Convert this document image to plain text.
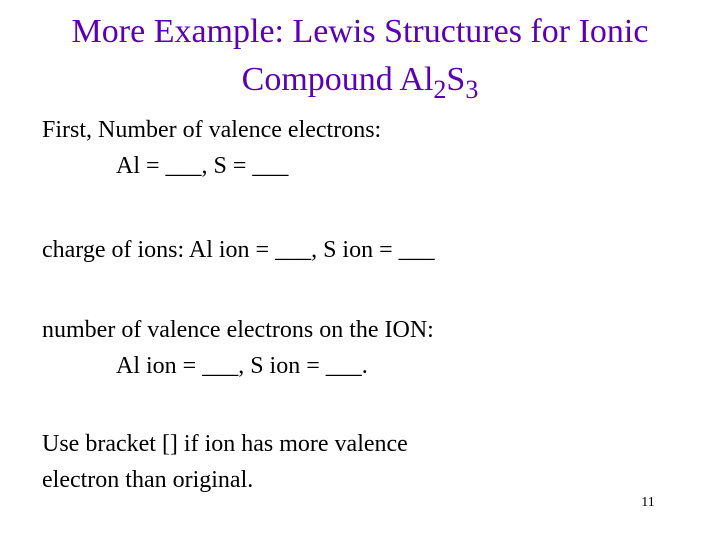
More Example: Lewis Structures for Ionic
Compound $Al_2S_3$
First, Number of valence electrons:
Al = ___, S = ___
charge of ions: Al ion = ___, S ion = ___
number of valence electrons on the ION:
Al ion = ___, S ion = ___.
Use bracket [] if ion has more valence
electron than original.
11
